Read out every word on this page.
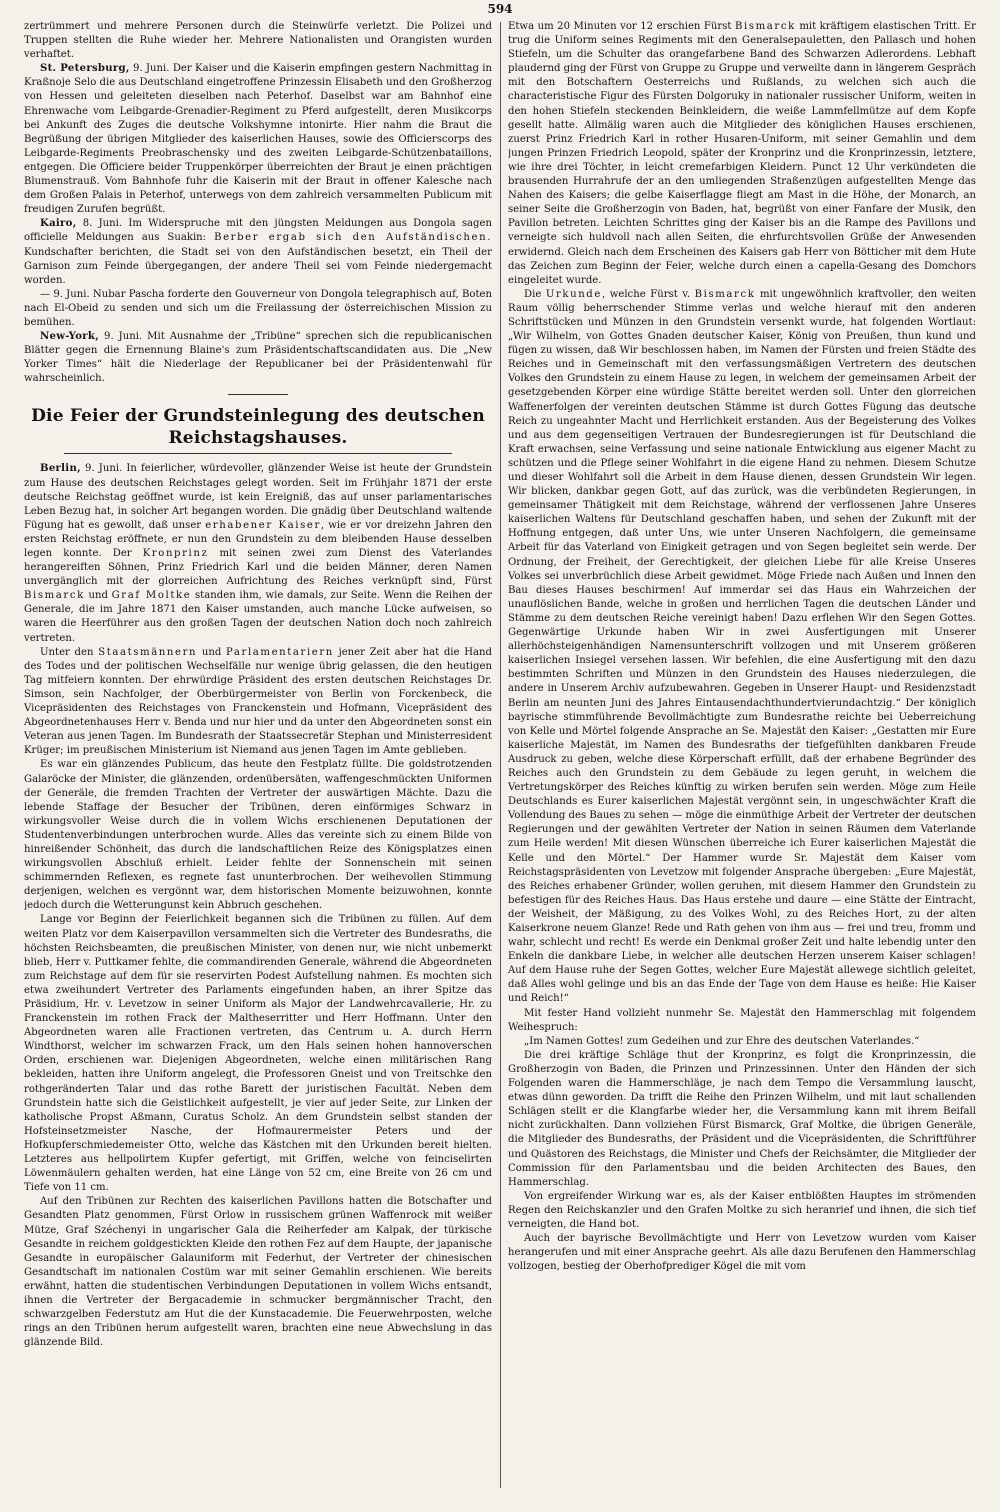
594

zertrümmert und mehrere Personen durch die Steinwürfe verletzt. Die Polizei und Truppen stellten die Ruhe wieder her. Mehrere Nationalisten und Orangisten wurden verhaftet.

St. Petersburg, 9. Juni. Der Kaiser und die Kaiserin empfingen gestern Nachmittag in Kraßnoje Selo die aus Deutschland eingetroffene Prinzessin Elisabeth und den Großherzog von Hessen und geleiteten dieselben nach Peterhof. Daselbst war am Bahnhof eine Ehrenwache vom Leibgarde-Grenadier-Regiment zu Pferd aufgestellt, deren Musikcorps bei Ankunft des Zuges die deutsche Volkshymne intonirte. Hier nahm die Braut die Begrüßung der übrigen Mitglieder des kaiserlichen Hauses, sowie des Officierscorps des Leibgarde-Regiments Preobraschensky und des zweiten Leibgarde-Schützenbataillons, entgegen. Die Officiere beider Truppenkörper überreichten der Braut je einen prächtigen Blumenstrauß. Vom Bahnhofe fuhr die Kaiserin mit der Braut in offener Kalesche nach dem Großen Palais in Peterhof, unterwegs von dem zahlreich versammelten Publicum mit freudigen Zurufen begrüßt.

Kairo, 8. Juni. Im Widerspruche mit den jüngsten Meldungen aus Dongola sagen officielle Meldungen aus Suakin: Berber ergab sich den Aufständischen. Kundschafter berichten, die Stadt sei von den Aufständischen besetzt, ein Theil der Garnison zum Feinde übergegangen, der andere Theil sei vom Feinde niedergemacht worden.

— 9. Juni. Nubar Pascha forderte den Gouverneur von Dongola telegraphisch auf, Boten nach El-Obeid zu senden und sich um die Freilassung der österreichischen Mission zu bemühen.

New-York, 9. Juni. Mit Ausnahme der „Tribüne“ sprechen sich die republicanischen Blätter gegen die Ernennung Blaine's zum Präsidentschaftscandidaten aus. Die „New Yorker Times“ hält die Niederlage der Republicaner bei der Präsidentenwahl für wahrscheinlich.

Die Feier der Grundsteinlegung des deutschen Reichstagshauses.

Berlin, 9. Juni. In feierlicher, würdevoller, glänzender Weise ist heute der Grundstein zum Hause des deutschen Reichstages gelegt worden. Seit im Frühjahr 1871 der erste deutsche Reichstag geöffnet wurde, ist kein Ereigniß, das auf unser parlamentarisches Leben Bezug hat, in solcher Art begangen worden. Die gnädig über Deutschland waltende Fügung hat es gewollt, daß unser erhabener Kaiser, wie er vor dreizehn Jahren den ersten Reichstag eröffnete, er nun den Grundstein zu dem bleibenden Hause desselben legen konnte. Der Kronprinz mit seinen zwei zum Dienst des Vaterlandes herangereiften Söhnen, Prinz Friedrich Karl und die beiden Männer, deren Namen unvergänglich mit der glorreichen Aufrichtung des Reiches verknüpft sind, Fürst Bismarck und Graf Moltke standen ihm, wie damals, zur Seite. Wenn die Reihen der Generale, die im Jahre 1871 den Kaiser umstanden, auch manche Lücke aufweisen, so waren die Heerführer aus den großen Tagen der deutschen Nation doch noch zahlreich vertreten.

Unter den Staatsmännern und Parlamentariern jener Zeit aber hat die Hand des Todes und der politischen Wechselfälle nur wenige übrig gelassen, die den heutigen Tag mitfeiern konnten. Der ehrwürdige Präsident des ersten deutschen Reichstages Dr. Simson, sein Nachfolger, der Oberbürgermeister von Berlin von Forckenbeck, die Vicepräsidenten des Reichstages von Franckenstein und Hofmann, Vicepräsident des Abgeordnetenhauses Herr v. Benda und nur hier und da unter den Abgeordneten sonst ein Veteran aus jenen Tagen. Im Bundesrath der Staatssecretär Stephan und Ministerresident Krüger; im preußischen Ministerium ist Niemand aus jenen Tagen im Amte geblieben.

Es war ein glänzendes Publicum, das heute den Festplatz füllte. Die goldstrotzenden Galaröcke der Minister, die glänzenden, ordenübersäten, waffengeschmückten Uniformen der Generäle, die fremden Trachten der Vertreter der auswärtigen Mächte. Dazu die lebende Staffage der Besucher der Tribünen, deren einförmiges Schwarz in wirkungsvoller Weise durch die in vollem Wichs erschienenen Deputationen der Studentenverbindungen unterbrochen wurde. Alles das vereinte sich zu einem Bilde von hinreißender Schönheit, das durch die landschaftlichen Reize des Königsplatzes einen wirkungsvollen Abschluß erhielt. Leider fehlte der Sonnenschein mit seinen schimmernden Reflexen, es regnete fast ununterbrochen. Der weihevollen Stimmung derjenigen, welchen es vergönnt war, dem historischen Momente beizuwohnen, konnte jedoch durch die Wetterungunst kein Abbruch geschehen.

Lange vor Beginn der Feierlichkeit begannen sich die Tribünen zu füllen. Auf dem weiten Platz vor dem Kaiserpavillon versammelten sich die Vertreter des Bundesraths, die höchsten Reichsbeamten, die preußischen Minister, von denen nur, wie nicht unbemerkt blieb, Herr v. Puttkamer fehlte, die commandirenden Generale, während die Abgeordneten zum Reichstage auf dem für sie reservirten Podest Aufstellung nahmen. Es mochten sich etwa zweihundert Vertreter des Parlaments eingefunden haben, an ihrer Spitze das Präsidium, Hr. v. Levetzow in seiner Uniform als Major der Landwehrcavallerie, Hr. zu Franckenstein im rothen Frack der Maltheserritter und Herr Hoffmann. Unter den Abgeordneten waren alle Fractionen vertreten, das Centrum u. A. durch Herrn Windthorst, welcher im schwarzen Frack, um den Hals seinen hohen hannoverschen Orden, erschienen war. Diejenigen Abgeordneten, welche einen militärischen Rang bekleiden, hatten ihre Uniform angelegt, die Professoren Gneist und von Treitschke den rothgeränderten Talar und das rothe Barett der juristischen Facultät. Neben dem Grundstein hatte sich die Geistlichkeit aufgestellt, je vier auf jeder Seite, zur Linken der katholische Propst Aßmann, Curatus Scholz. An dem Grundstein selbst standen der Hofsteinsetzmeister Nasche, der Hofmaurermeister Peters und der Hofkupferschmiedemeister Otto, welche das Kästchen mit den Urkunden bereit hielten. Letzteres aus hellpolirtem Kupfer gefertigt, mit Griffen, welche von feinciselirten Löwenmäulern gehalten werden, hat eine Länge von 52 cm, eine Breite von 26 cm und Tiefe von 11 cm.

Auf den Tribünen zur Rechten des kaiserlichen Pavillons hatten die Botschafter und Gesandten Platz genommen, Fürst Orlow in russischem grünen Waffenrock mit weißer Mütze, Graf Széchenyi in ungarischer Gala die Reiherfeder am Kalpak, der türkische Gesandte in reichem goldgestickten Kleide den rothen Fez auf dem Haupte, der japanische Gesandte in europäischer Galauniform mit Federhut, der Vertreter der chinesischen Gesandtschaft im nationalen Costüm war mit seiner Gemahlin erschienen. Wie bereits erwähnt, hatten die studentischen Verbindungen Deputationen in vollem Wichs entsandt, ihnen die Vertreter der Bergacademie in schmucker bergmännischer Tracht, den schwarzgelben Federstutz am Hut die der Kunstacademie. Die Feuerwehrposten, welche rings an den Tribünen herum aufgestellt waren, brachten eine neue Abwechslung in das glänzende Bild.

Etwa um 20 Minuten vor 12 erschien Fürst Bismarck mit kräftigem elastischen Tritt. Er trug die Uniform seines Regiments mit den Generalsepauletten, den Pallasch und hohen Stiefeln, um die Schulter das orangefarbene Band des Schwarzen Adlerordens. Lebhaft plaudernd ging der Fürst von Gruppe zu Gruppe und verweilte dann in längerem Gespräch mit den Botschaftern Oesterreichs und Rußlands, zu welchen sich auch die characteristische Figur des Fürsten Dolgoruky in nationaler russischer Uniform, weiten in den hohen Stiefeln steckenden Beinkleidern, die weiße Lammfellmütze auf dem Kopfe gesellt hatte. Allmälig waren auch die Mitglieder des königlichen Hauses erschienen, zuerst Prinz Friedrich Karl in rother Husaren-Uniform, mit seiner Gemahlin und dem jungen Prinzen Friedrich Leopold, später der Kronprinz und die Kronprinzessin, letztere, wie ihre drei Töchter, in leicht cremefarbigen Kleidern. Punct 12 Uhr verkündeten die brausenden Hurrahrufe der an den umliegenden Straßenzügen aufgestellten Menge das Nahen des Kaisers; die gelbe Kaiserflagge fliegt am Mast in die Höhe, der Monarch, an seiner Seite die Großherzogin von Baden, hat, begrüßt von einer Fanfare der Musik, den Pavillon betreten. Leichten Schrittes ging der Kaiser bis an die Rampe des Pavillons und verneigte sich huldvoll nach allen Seiten, die ehrfurchtsvollen Grüße der Anwesenden erwidernd. Gleich nach dem Erscheinen des Kaisers gab Herr von Bötticher mit dem Hute das Zeichen zum Beginn der Feier, welche durch einen a capella-Gesang des Domchors eingeleitet wurde.

Die Urkunde, welche Fürst v. Bismarck mit ungewöhnlich kraftvoller, den weiten Raum völlig beherrschender Stimme verlas und welche hierauf mit den anderen Schriftstücken und Münzen in den Grundstein versenkt wurde, hat folgenden Wortlaut: „Wir Wilhelm, von Gottes Gnaden deutscher Kaiser, König von Preußen, thun kund und fügen zu wissen, daß Wir beschlossen haben, im Namen der Fürsten und freien Städte des Reiches und in Gemeinschaft mit den verfassungsmäßigen Vertretern des deutschen Volkes den Grundstein zu einem Hause zu legen, in welchem der gemeinsamen Arbeit der gesetzgebenden Körper eine würdige Stätte bereitet werden soll. Unter den glorreichen Waffenerfolgen der vereinten deutschen Stämme ist durch Gottes Fügung das deutsche Reich zu ungeahnter Macht und Herrlichkeit erstanden. Aus der Begeisterung des Volkes und aus dem gegenseitigen Vertrauen der Bundesregierungen ist für Deutschland die Kraft erwachsen, seine Verfassung und seine nationale Entwicklung aus eigener Macht zu schützen und die Pflege seiner Wohlfahrt in die eigene Hand zu nehmen. Diesem Schutze und dieser Wohlfahrt soll die Arbeit in dem Hause dienen, dessen Grundstein Wir legen. Wir blicken, dankbar gegen Gott, auf das zurück, was die verbündeten Regierungen, in gemeinsamer Thätigkeit mit dem Reichstage, während der verflossenen Jahre Unseres kaiserlichen Waltens für Deutschland geschaffen haben, und sehen der Zukunft mit der Hoffnung entgegen, daß unter Uns, wie unter Unseren Nachfolgern, die gemeinsame Arbeit für das Vaterland von Einigkeit getragen und von Segen begleitet sein werde. Der Ordnung, der Freiheit, der Gerechtigkeit, der gleichen Liebe für alle Kreise Unseres Volkes sei unverbrüchlich diese Arbeit gewidmet. Möge Friede nach Außen und Innen den Bau dieses Hauses beschirmen! Auf immerdar sei das Haus ein Wahrzeichen der unauflöslichen Bande, welche in großen und herrlichen Tagen die deutschen Länder und Stämme zu dem deutschen Reiche vereinigt haben! Dazu erflehen Wir den Segen Gottes. Gegenwärtige Urkunde haben Wir in zwei Ausfertigungen mit Unserer allerhöchsteigenhändigen Namensunterschrift vollzogen und mit Unserem größeren kaiserlichen Insiegel versehen lassen. Wir befehlen, die eine Ausfertigung mit den dazu bestimmten Schriften und Münzen in den Grundstein des Hauses niederzulegen, die andere in Unserem Archiv aufzubewahren. Gegeben in Unserer Haupt- und Residenzstadt Berlin am neunten Juni des Jahres Eintausendachthundertvierundachtzig.“ Der königlich bayrische stimmführende Bevollmächtigte zum Bundesrathe reichte bei Ueberreichung von Kelle und Mörtel folgende Ansprache an Se. Majestät den Kaiser: „Gestatten mir Eure kaiserliche Majestät, im Namen des Bundesraths der tiefgefühlten dankbaren Freude Ausdruck zu geben, welche diese Körperschaft erfüllt, daß der erhabene Begründer des Reiches auch den Grundstein zu dem Gebäude zu legen geruht, in welchem die Vertretungskörper des Reiches künftig zu wirken berufen sein werden. Möge zum Heile Deutschlands es Eurer kaiserlichen Majestät vergönnt sein, in ungeschwächter Kraft die Vollendung des Baues zu sehen — möge die einmüthige Arbeit der Vertreter der deutschen Regierungen und der gewählten Vertreter der Nation in seinen Räumen dem Vaterlande zum Heile werden! Mit diesen Wünschen überreiche ich Eurer kaiserlichen Majestät die Kelle und den Mörtel.“ Der Hammer wurde Sr. Majestät dem Kaiser vom Reichstagspräsidenten von Levetzow mit folgender Ansprache übergeben: „Eure Majestät, des Reiches erhabener Gründer, wollen geruhen, mit diesem Hammer den Grundstein zu befestigen für des Reiches Haus. Das Haus erstehe und daure — eine Stätte der Eintracht, der Weisheit, der Mäßigung, zu des Volkes Wohl, zu des Reiches Hort, zu der alten Kaiserkrone neuem Glanze! Rede und Rath gehen von ihm aus — frei und treu, fromm und wahr, schlecht und recht! Es werde ein Denkmal großer Zeit und halte lebendig unter den Enkeln die dankbare Liebe, in welcher alle deutschen Herzen unserem Kaiser schlagen! Auf dem Hause ruhe der Segen Gottes, welcher Eure Majestät allewege sichtlich geleitet, daß Alles wohl gelinge und bis an das Ende der Tage von dem Hause es heiße: Hie Kaiser und Reich!“

Mit fester Hand vollzieht nunmehr Se. Majestät den Hammerschlag mit folgendem Weihespruch:

„Im Namen Gottes! zum Gedeihen und zur Ehre des deutschen Vaterlandes.“

Die drei kräftige Schläge thut der Kronprinz, es folgt die Kronprinzessin, die Großherzogin von Baden, die Prinzen und Prinzessinnen. Unter den Händen der sich Folgenden waren die Hammerschläge, je nach dem Tempo die Versammlung lauscht, etwas dünn geworden. Da trifft die Reihe den Prinzen Wilhelm, und mit laut schallenden Schlägen stellt er die Klangfarbe wieder her, die Versammlung kann mit ihrem Beifall nicht zurückhalten. Dann vollziehen Fürst Bismarck, Graf Moltke, die übrigen Generäle, die Mitglieder des Bundesraths, der Präsident und die Vicepräsidenten, die Schriftführer und Quästoren des Reichstags, die Minister und Chefs der Reichsämter, die Mitglieder der Commission für den Parlamentsbau und die beiden Architecten des Baues, den Hammerschlag.

Von ergreifender Wirkung war es, als der Kaiser entblößten Hauptes im strömenden Regen den Reichskanzler und den Grafen Moltke zu sich heranrief und ihnen, die sich tief verneigten, die Hand bot.

Auch der bayrische Bevollmächtigte und Herr von Levetzow wurden vom Kaiser herangerufen und mit einer Ansprache geehrt. Als alle dazu Berufenen den Hammerschlag vollzogen, bestieg der Oberhofprediger Kögel die mit vom
